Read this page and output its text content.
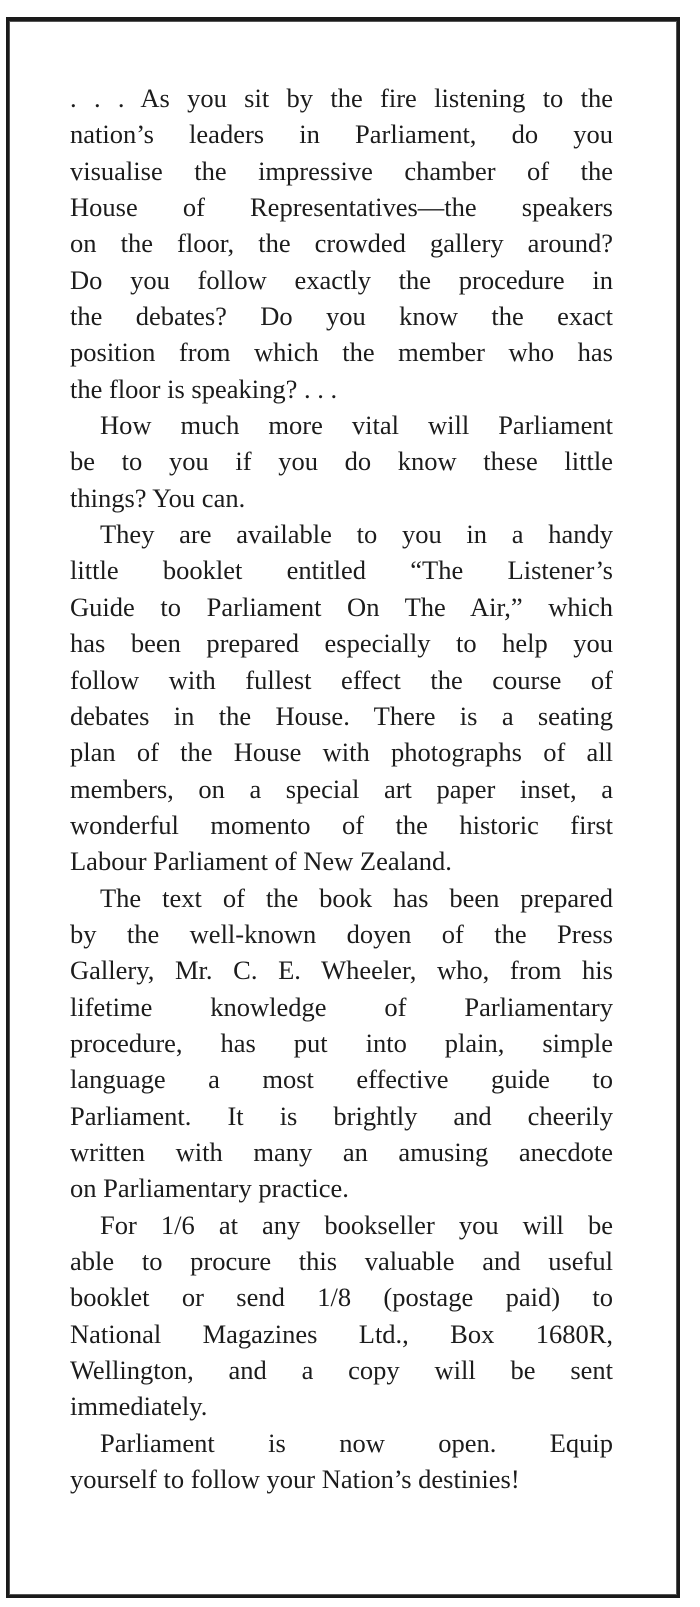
. . . As you sit by the fire listening to the
nation’s leaders in Parliament, do you
visualise the impressive chamber of the
House of Representatives—the speakers
on the floor, the crowded gallery around?
Do you follow exactly the procedure in
the debates? Do you know the exact
position from which the member who has
the floor is speaking? . . .
How much more vital will Parliament
be to you if you do know these little
things? You can.
They are available to you in a handy
little booklet entitled “The Listener’s
Guide to Parliament On The Air,” which
has been prepared especially to help you
follow with fullest effect the course of
debates in the House. There is a seating
plan of the House with photographs of all
members, on a special art paper inset, a
wonderful momento of the historic first
Labour Parliament of New Zealand.
The text of the book has been prepared
by the well-known doyen of the Press
Gallery, Mr. C. E. Wheeler, who, from his
lifetime knowledge of Parliamentary
procedure, has put into plain, simple
language a most effective guide to
Parliament. It is brightly and cheerily
written with many an amusing anecdote
on Parliamentary practice.
For 1/6 at any bookseller you will be
able to procure this valuable and useful
booklet or send 1/8 (postage paid) to
National Magazines Ltd., Box 1680R,
Wellington, and a copy will be sent
immediately.
Parliament is now open. Equip
yourself to follow your Nation’s destinies!
